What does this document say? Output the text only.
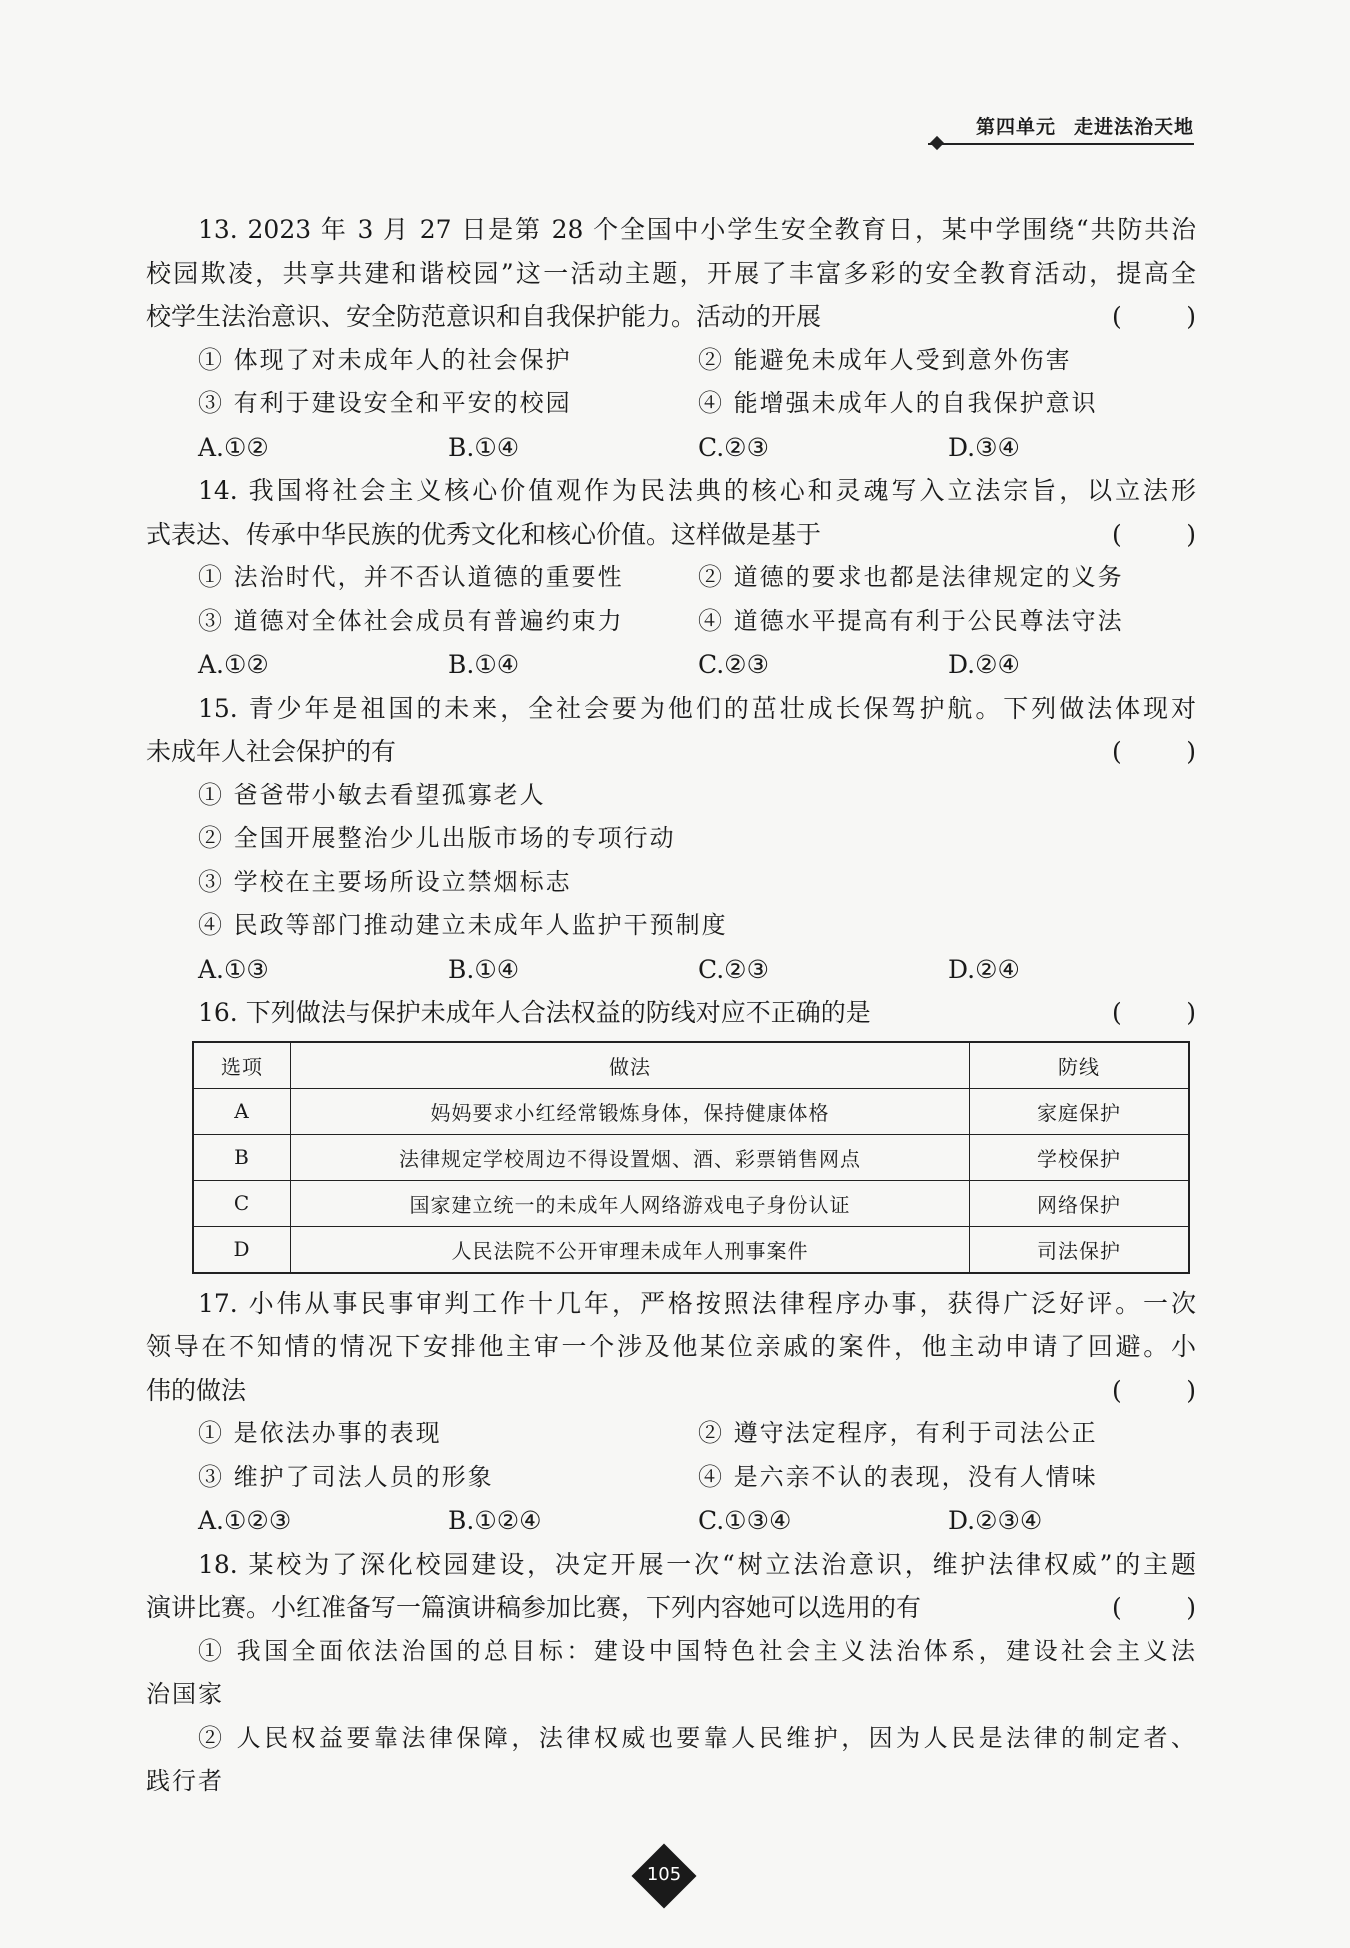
第四单元 走进法治天地
13. 2023 年 3 月 27 日是第 28 个全国中小学生安全教育日，某中学围绕“共防共治
校园欺凌，共享共建和谐校园”这一活动主题，开展了丰富多彩的安全教育活动，提高全
校学生法治意识、安全防范意识和自我保护能力。活动的开展	(	)
① 体现了对未成年人的社会保护	② 能避免未成年人受到意外伤害
③ 有利于建设安全和平安的校园	④ 能增强未成年人的自我保护意识
A.①②	B.①④	C.②③	D.③④
14. 我国将社会主义核心价值观作为民法典的核心和灵魂写入立法宗旨，以立法形
式表达、传承中华民族的优秀文化和核心价值。这样做是基于	(	)
① 法治时代，并不否认道德的重要性	② 道德的要求也都是法律规定的义务
③ 道德对全体社会成员有普遍约束力	④ 道德水平提高有利于公民尊法守法
A.①②	B.①④	C.②③	D.②④
15. 青少年是祖国的未来，全社会要为他们的茁壮成长保驾护航。下列做法体现对
未成年人社会保护的有	(	)
① 爸爸带小敏去看望孤寡老人
② 全国开展整治少儿出版市场的专项行动
③ 学校在主要场所设立禁烟标志
④ 民政等部门推动建立未成年人监护干预制度
A.①③	B.①④	C.②③	D.②④
16. 下列做法与保护未成年人合法权益的防线对应不正确的是	(	)
选项	做法	防线
A	妈妈要求小红经常锻炼身体，保持健康体格	家庭保护
B	法律规定学校周边不得设置烟、酒、彩票销售网点	学校保护
C	国家建立统一的未成年人网络游戏电子身份认证	网络保护
D	人民法院不公开审理未成年人刑事案件	司法保护
17. 小伟从事民事审判工作十几年，严格按照法律程序办事，获得广泛好评。一次
领导在不知情的情况下安排他主审一个涉及他某位亲戚的案件，他主动申请了回避。小
伟的做法	(	)
① 是依法办事的表现	② 遵守法定程序，有利于司法公正
③ 维护了司法人员的形象	④ 是六亲不认的表现，没有人情味
A.①②③	B.①②④	C.①③④	D.②③④
18. 某校为了深化校园建设，决定开展一次“树立法治意识，维护法律权威”的主题
演讲比赛。小红准备写一篇演讲稿参加比赛，下列内容她可以选用的有	(	)
① 我国全面依法治国的总目标：建设中国特色社会主义法治体系，建设社会主义法
治国家
② 人民权益要靠法律保障，法律权威也要靠人民维护，因为人民是法律的制定者、
践行者
105
